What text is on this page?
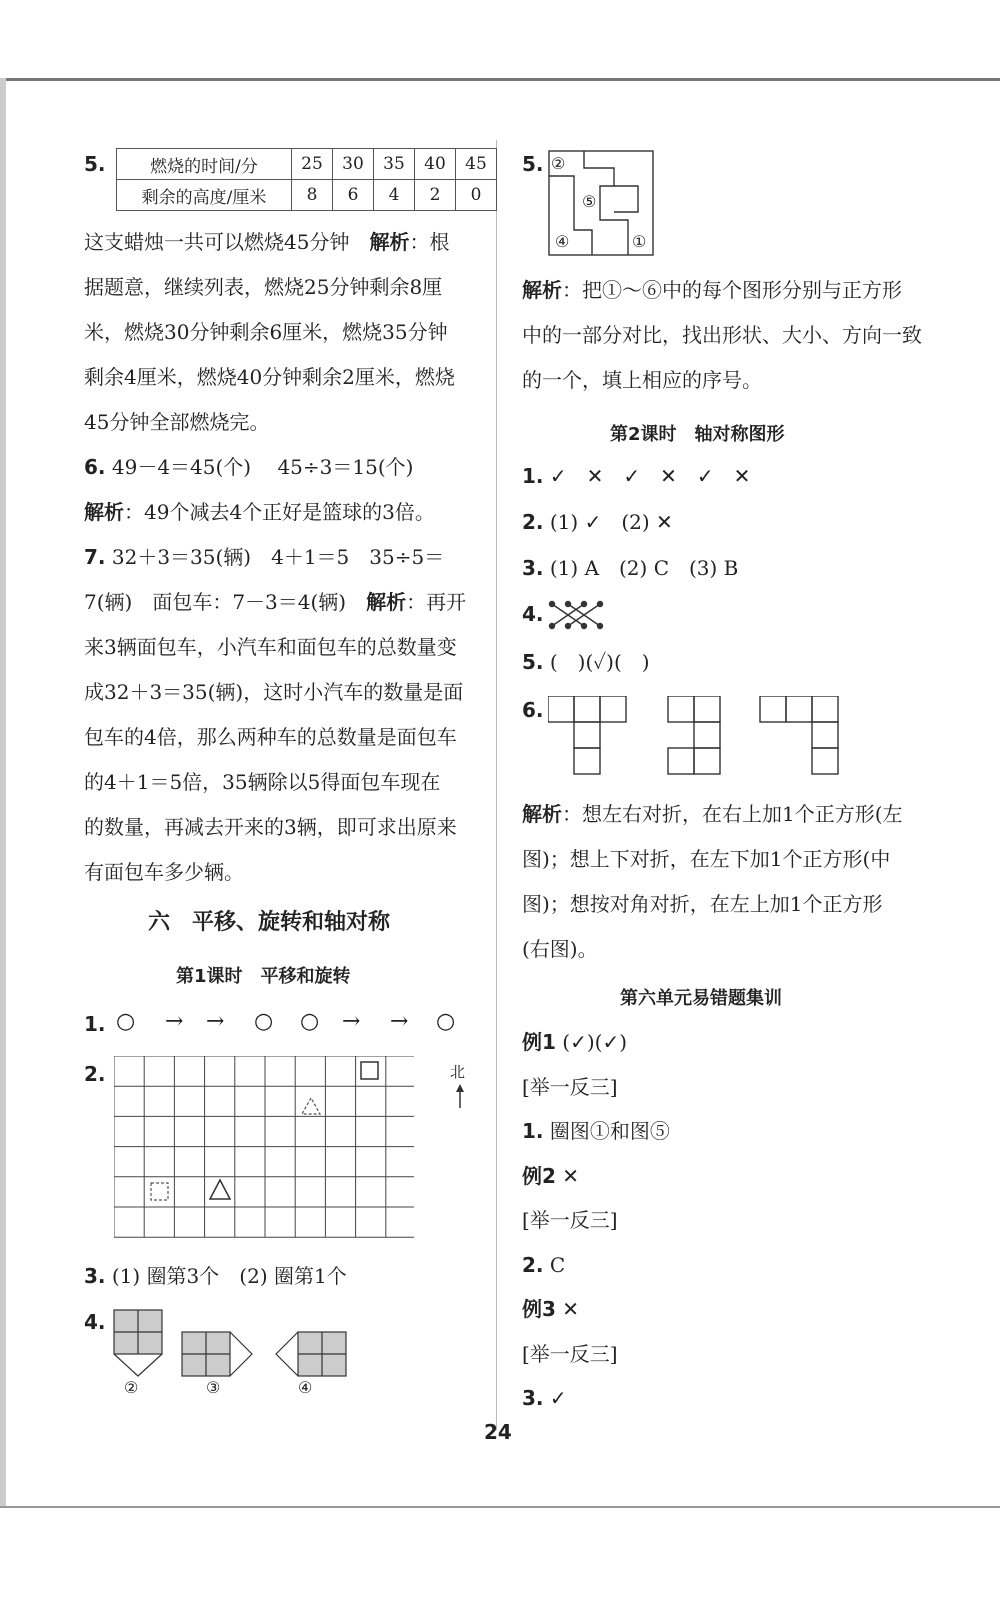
5.	燃烧的时间/分	25	30	35	40	45
剩余的高度/厘米	8	6	4	2	0
这支蜡烛一共可以燃烧45分钟　 解析：根
据题意，继续列表，燃烧25分钟剩余8厘
米，燃烧30分钟剩余6厘米，燃烧35分钟
剩余4厘米，燃烧40分钟剩余2厘米，燃烧
45分钟全部燃烧完。
6. 49－4＝45(个)　 45÷3＝15(个)
解析：49个减去4个正好是篮球的3倍。
7. 32＋3＝35(辆)　4＋1＝5　35÷5＝
7(辆)　面包车：7－3＝4(辆)　 解析：再开
来3辆面包车，小汽车和面包车的总数量变
成32＋3＝35(辆)，这时小汽车的数量是面
包车的4倍，那么两种车的总数量是面包车
的4＋1＝5倍，35辆除以5得面包车现在
的数量，再减去开来的3辆，即可求出原来
有面包车多少辆。
六　平移、旋转和轴对称
第1课时　平移和旋转
1. ○ → → ○ ○ → → ○
2.	北
3. (1) 圈第3个　(2) 圈第1个
4.
②	③	④
5. ②
⑤
④	①
解析：把①～⑥中的每个图形分别与正方形
中的一部分对比，找出形状、大小、方向一致
的一个，填上相应的序号。
第2课时　轴对称图形
1. ✓　✕　✓　✕　✓　✕
2. (1) ✓　(2) ✕
3. (1) A　(2) C　(3) B
4.
5. (　)(✓)(　)
6.
解析：想左右对折，在右上加1个正方形(左
图)；想上下对折，在左下加1个正方形(中
图)；想按对角对折，在左上加1个正方形
(右图)。
第六单元易错题集训
例1 (✓)(✓)
[举一反三]
1. 圈图①和图⑤
例2 ✕
[举一反三]
2. C
例3 ✕
[举一反三]
3. ✓
24
